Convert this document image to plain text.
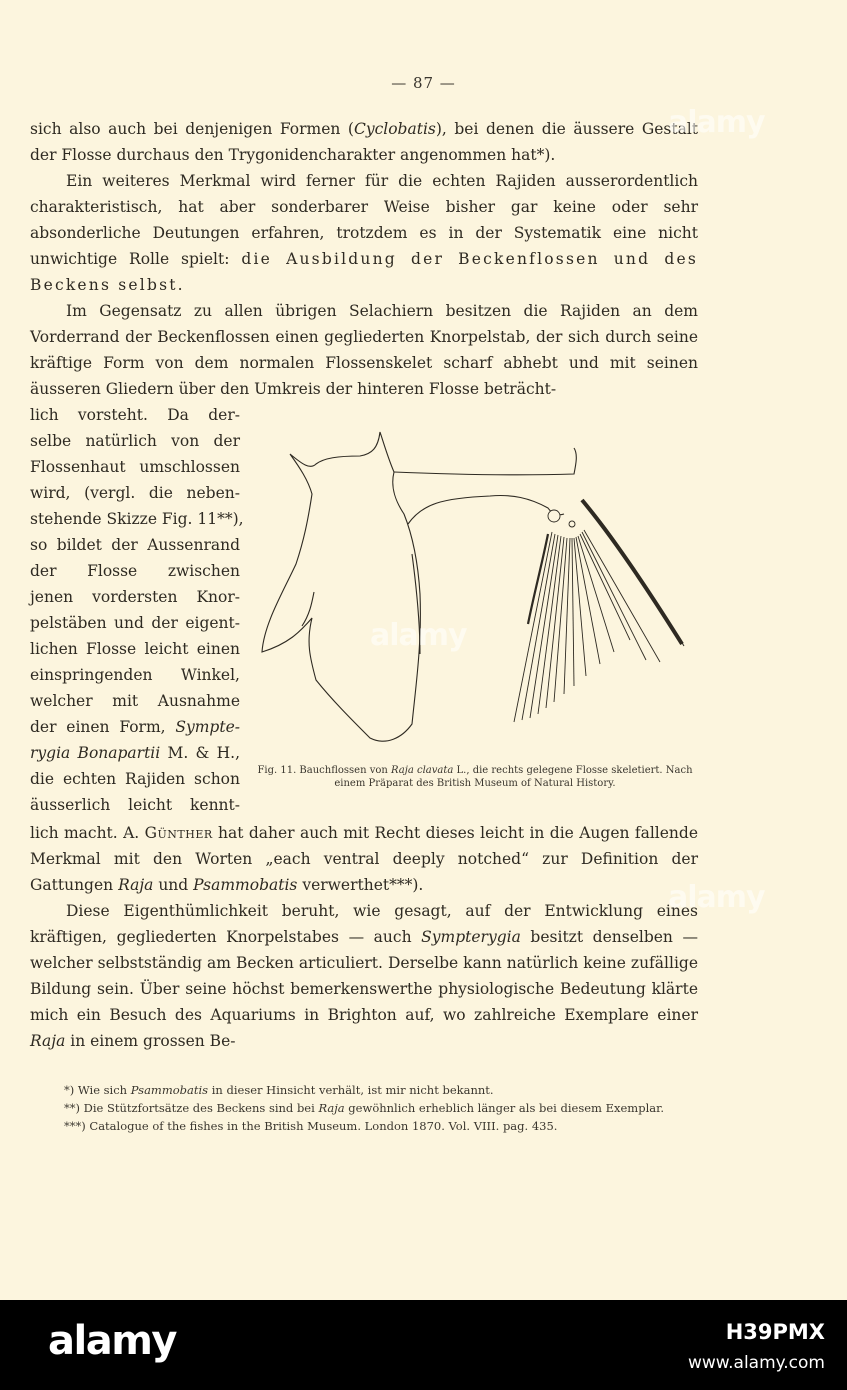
— 87 —

sich also auch bei denjenigen Formen (Cyclobatis), bei denen die äussere Gestalt der Flosse durchaus den Trygonidencharakter angenommen hat*).

Ein weiteres Merkmal wird ferner für die echten Rajiden ausserordentlich charakteristisch, hat aber sonderbarer Weise bisher gar keine oder sehr absonderliche Deutungen erfahren, trotzdem es in der Systematik eine nicht unwichtige Rolle spielt: die Ausbildung der Beckenflossen und des Beckens selbst.

Im Gegensatz zu allen übrigen Selachiern besitzen die Rajiden an dem Vorderrand der Beckenflossen einen gegliederten Knorpelstab, der sich durch seine kräftige Form von dem normalen Flossenskelet scharf abhebt und mit seinen äusseren Gliedern über den Umkreis der hinteren Flosse beträcht-

lich vorsteht. Da der-
selbe natürlich von der
Flossenhaut umschlossen
wird, (vergl. die neben-
stehende Skizze Fig. 11**),
so bildet der Aussenrand
der Flosse zwischen
jenen vordersten Knor-
pelstäben und der eigent-
lichen Flosse leicht einen
einspringenden Winkel,
welcher mit Ausnahme
der einen Form, Sympte-
rygia Bonapartii M. & H.,
die echten Rajiden schon
äusserlich leicht kennt-
Fig. 11. Bauchflossen von Raja clavata L., die rechts gelegene Flosse skeletiert. Nach einem Präparat des British Museum of Natural History.

lich macht. A. Günther hat daher auch mit Recht dieses leicht in die Augen fallende Merkmal mit den Worten „each ventral deeply notched“ zur Definition der Gattungen Raja und Psammobatis verwerthet***).

Diese Eigenthümlichkeit beruht, wie gesagt, auf der Entwicklung eines kräftigen, gegliederten Knorpelstabes — auch Sympterygia besitzt denselben — welcher selbstständig am Becken articuliert. Derselbe kann natürlich keine zufällige Bildung sein. Über seine höchst bemerkenswerthe physiologische Bedeutung klärte mich ein Besuch des Aquariums in Brighton auf, wo zahlreiche Exemplare einer Raja in einem grossen Be-

*) Wie sich Psammobatis in dieser Hinsicht verhält, ist mir nicht bekannt.

**) Die Stützfortsätze des Beckens sind bei Raja gewöhnlich erheblich länger als bei diesem Exemplar.

***) Catalogue of the fishes in the British Museum. London 1870. Vol. VIII. pag. 435.

alamy
alamy
alamy
alamy	H39PMX
www.alamy.com
